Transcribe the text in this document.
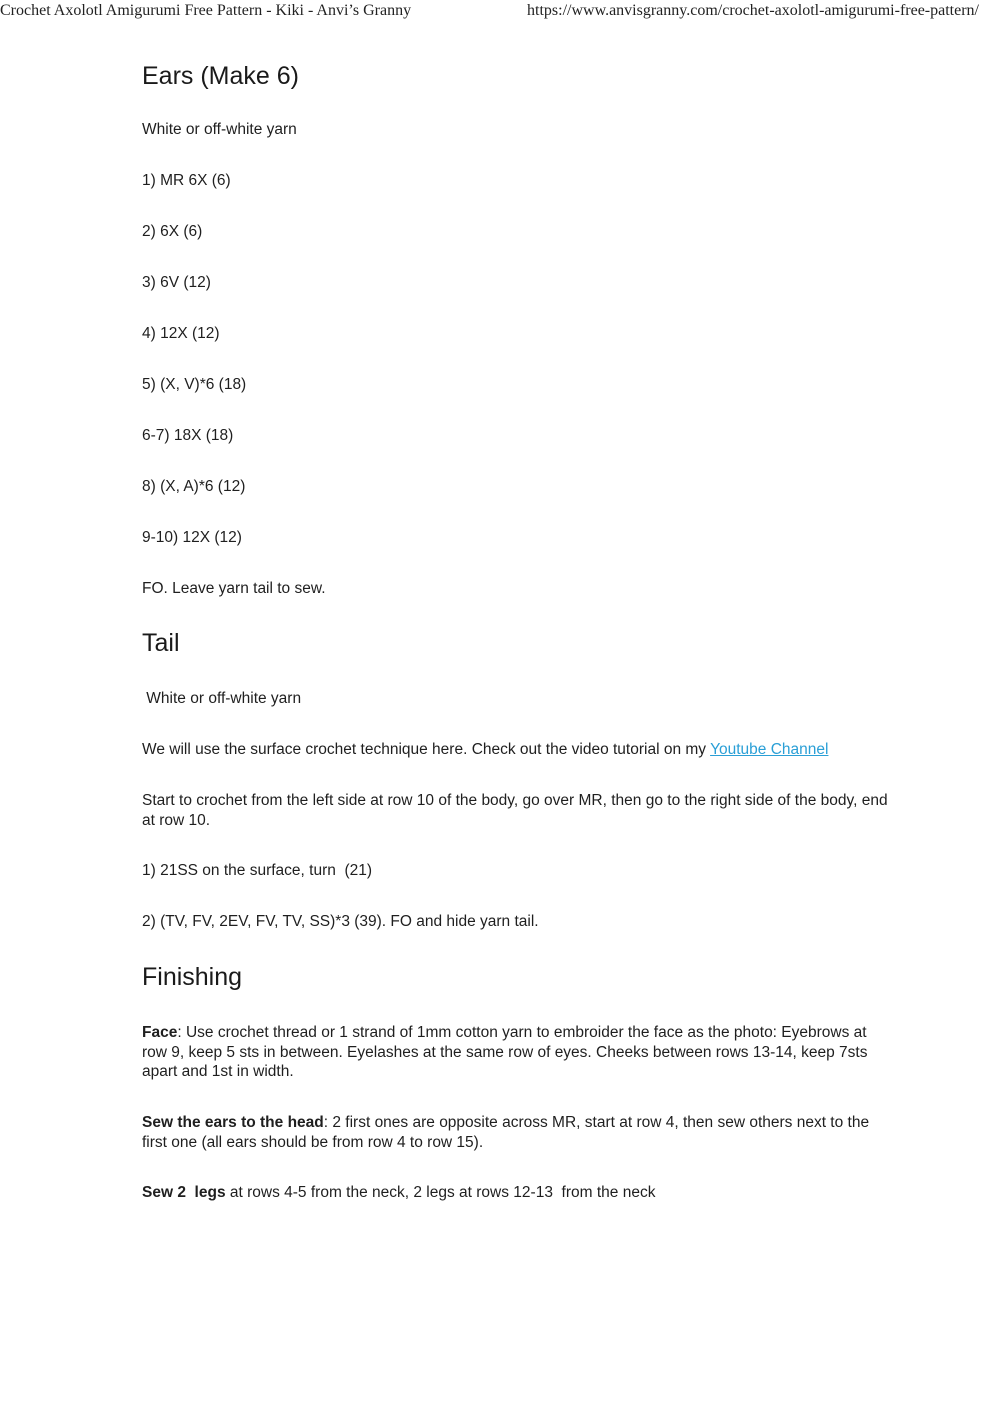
Crochet Axolotl Amigurumi Free Pattern - Kiki - Anvi’s Granny	https://www.anvisgranny.com/crochet-axolotl-amigurumi-free-pattern/
Ears (Make 6)
White or off-white yarn
1) MR 6X (6)
2) 6X (6)
3) 6V (12)
4) 12X (12)
5) (X, V)*6 (18)
6-7) 18X (18)
8) (X, A)*6 (12)
9-10) 12X (12)
FO. Leave yarn tail to sew.
Tail
White or off-white yarn
We will use the surface crochet technique here. Check out the video tutorial on my Youtube Channel
Start to crochet from the left side at row 10 of the body, go over MR, then go to the right side of the body, end at row 10.
1) 21SS on the surface, turn  (21)
2) (TV, FV, 2EV, FV, TV, SS)*3 (39). FO and hide yarn tail.
Finishing
Face: Use crochet thread or 1 strand of 1mm cotton yarn to embroider the face as the photo: Eyebrows at row 9, keep 5 sts in between. Eyelashes at the same row of eyes. Cheeks between rows 13-14, keep 7sts apart and 1st in width.
Sew the ears to the head: 2 first ones are opposite across MR, start at row 4, then sew others next to the first one (all ears should be from row 4 to row 15).
Sew 2  legs at rows 4-5 from the neck, 2 legs at rows 12-13  from the neck
